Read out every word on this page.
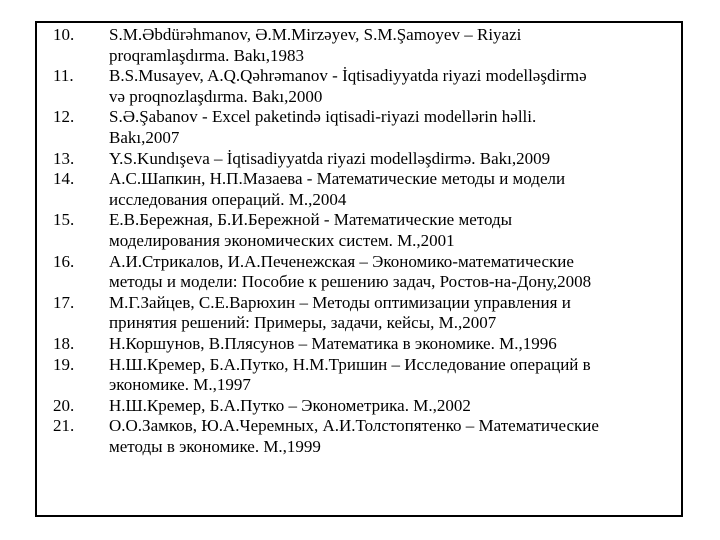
10.	S.M.Əbdürəhmanov, Ə.M.Mirzəyev, S.M.Şamoyev – Riyazi
proqramlaşdırma. Bakı,1983
11.	B.S.Musayev, A.Q.Qəhrəmanov - İqtisadiyyatda riyazi modelləşdirmə
və proqnozlaşdırma. Bakı,2000
12.	S.Ə.Şabanov - Excel paketində iqtisadi-riyazi modellərin həlli.
Bakı,2007
13.	Y.S.Kundışeva – İqtisadiyyatda riyazi modelləşdirmə. Bakı,2009
14.	А.С.Шапкин, Н.П.Мазаева - Математические методы и модели
исследования операций. М.,2004
15.	Е.В.Бережная, Б.И.Бережной - Математические методы
моделирования экономических систем. М.,2001
16.	А.И.Стрикалов, И.А.Печенежская – Экономико-математические
методы и модели: Пособие к решению задач, Ростов-на-Дону,2008
17.	М.Г.Зайцев, С.Е.Варюхин – Методы оптимизации управления и
принятия решений: Примеры, задачи, кейсы, М.,2007
18.	Н.Коршунов, В.Плясунов – Математика в экономике. М.,1996
19.	Н.Ш.Кремер, Б.А.Путко, Н.М.Тришин – Исследование операций в
экономике. М.,1997
20.	Н.Ш.Кремер, Б.А.Путко – Эконометрика. М.,2002
21.	О.О.Замков, Ю.А.Черемных, А.И.Толстопятенко – Математические
методы в экономике. М.,1999
